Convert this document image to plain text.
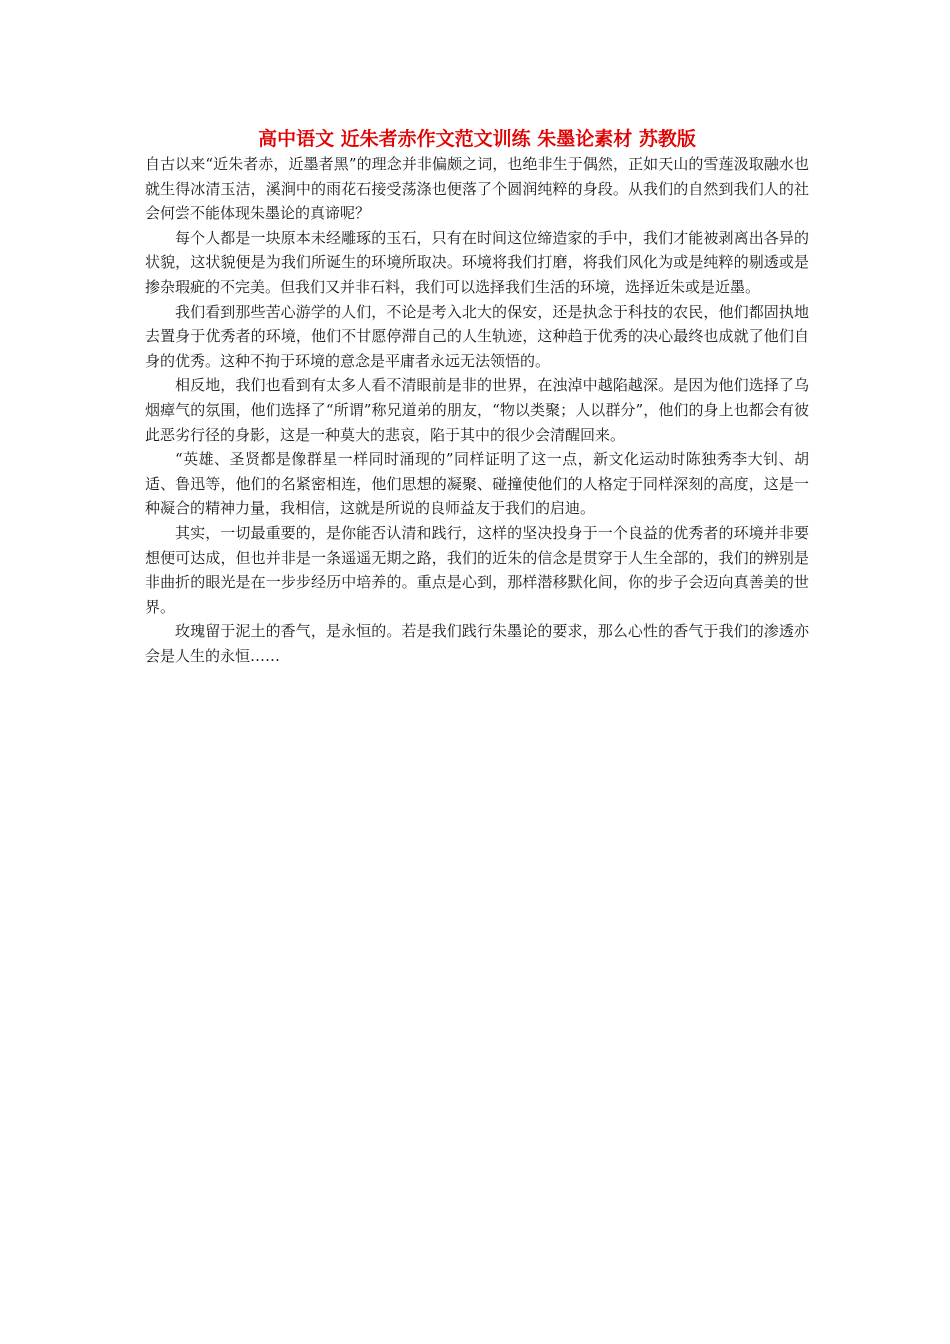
高中语文 近朱者赤作文范文训练 朱墨论素材 苏教版

自古以来“近朱者赤，近墨者黑”的理念并非偏颇之词，也绝非生于偶然，正如天山的雪莲汲取融水也就生得冰清玉洁，溪涧中的雨花石接受荡涤也便落了个圆润纯粹的身段。从我们的自然到我们人的社会何尝不能体现朱墨论的真谛呢？

每个人都是一块原本未经雕琢的玉石，只有在时间这位缔造家的手中，我们才能被剥离出各异的状貌，这状貌便是为我们所诞生的环境所取决。环境将我们打磨，将我们风化为或是纯粹的剔透或是掺杂瑕疵的不完美。但我们又并非石料，我们可以选择我们生活的环境，选择近朱或是近墨。

我们看到那些苦心游学的人们，不论是考入北大的保安，还是执念于科技的农民，他们都固执地去置身于优秀者的环境，他们不甘愿停滞自己的人生轨迹，这种趋于优秀的决心最终也成就了他们自身的优秀。这种不拘于环境的意念是平庸者永远无法领悟的。

相反地，我们也看到有太多人看不清眼前是非的世界，在浊淖中越陷越深。是因为他们选择了乌烟瘴气的氛围，他们选择了“所谓”称兄道弟的朋友，“物以类聚；人以群分”，他们的身上也都会有彼此恶劣行径的身影，这是一种莫大的悲哀，陷于其中的很少会清醒回来。

“英雄、圣贤都是像群星一样同时涌现的”同样证明了这一点，新文化运动时陈独秀李大钊、胡适、鲁迅等，他们的名紧密相连，他们思想的凝聚、碰撞使他们的人格定于同样深刻的高度，这是一种凝合的精神力量，我相信，这就是所说的良师益友于我们的启迪。

其实，一切最重要的，是你能否认清和践行，这样的坚决投身于一个良益的优秀者的环境并非要想便可达成，但也并非是一条遥遥无期之路，我们的近朱的信念是贯穿于人生全部的，我们的辨别是非曲折的眼光是在一步步经历中培养的。重点是心到，那样潜移默化间，你的步子会迈向真善美的世界。

玫瑰留于泥土的香气，是永恒的。若是我们践行朱墨论的要求，那么心性的香气于我们的渗透亦会是人生的永恒……
